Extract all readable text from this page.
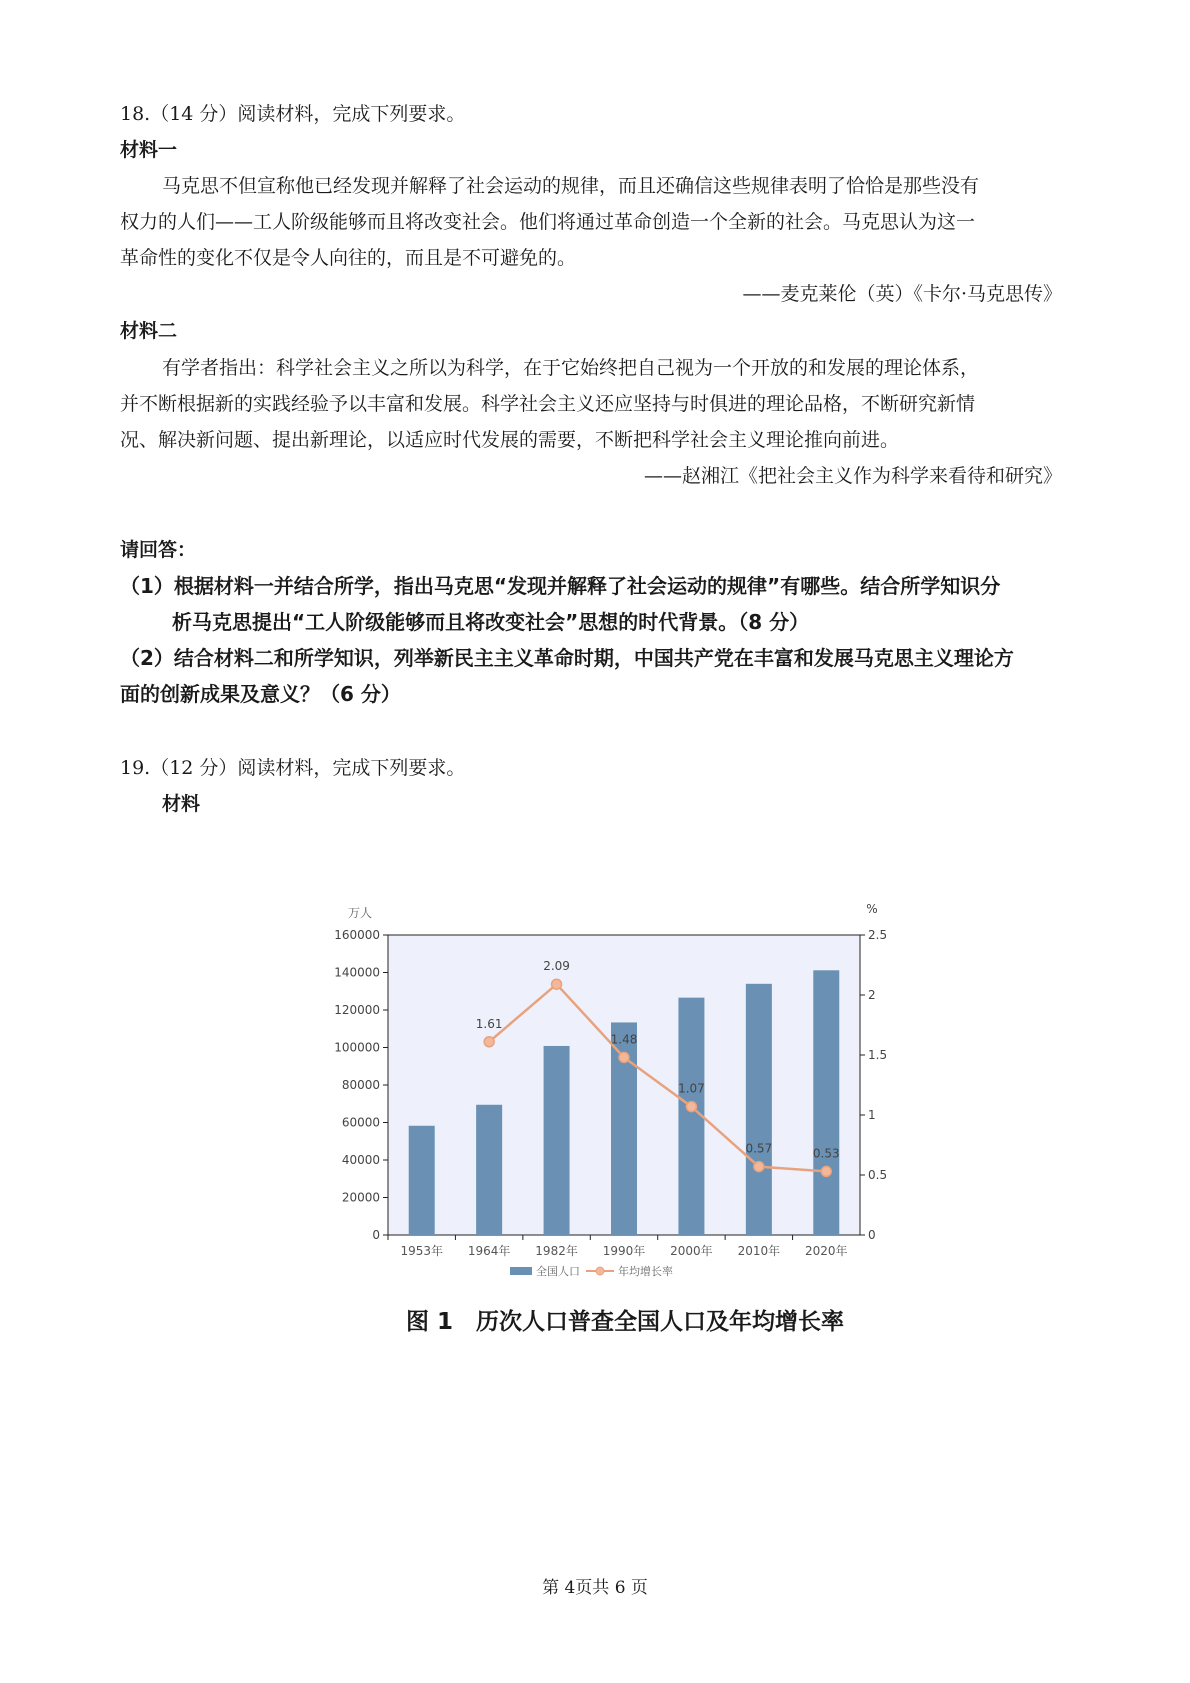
18.（14 分）阅读材料，完成下列要求。
材料一
马克思不但宣称他已经发现并解释了社会运动的规律，而且还确信这些规律表明了恰恰是那些没有
权力的人们——工人阶级能够而且将改变社会。他们将通过革命创造一个全新的社会。马克思认为这一
革命性的变化不仅是令人向往的，而且是不可避免的。
——麦克莱伦（英）《卡尔·马克思传》
材料二
有学者指出：科学社会主义之所以为科学，在于它始终把自己视为一个开放的和发展的理论体系，
并不断根据新的实践经验予以丰富和发展。科学社会主义还应坚持与时俱进的理论品格，不断研究新情
况、解决新问题、提出新理论，以适应时代发展的需要，不断把科学社会主义理论推向前进。
——赵湘江《把社会主义作为科学来看待和研究》
请回答：
（1）根据材料一并结合所学，指出马克思“发现并解释了社会运动的规律”有哪些。结合所学知识分
析马克思提出“工人阶级能够而且将改变社会”思想的时代背景。（8 分）
（2）结合材料二和所学知识，列举新民主主义革命时期，中国共产党在丰富和发展马克思主义理论方
面的创新成果及意义？（6 分）
19.（12 分）阅读材料，完成下列要求。
材料
0
20000
40000
60000
80000
100000
120000
140000
160000
0
0.5
1
1.5
2
2.5
万人	%
1953年 1964年 1982年 1990年 2000年 2010年 2020年
1.61
2.09
1.48
1.07
0.57	0.53
全国人口	年均增长率
图 1　历次人口普查全国人口及年均增长率
第 4页共 6 页
